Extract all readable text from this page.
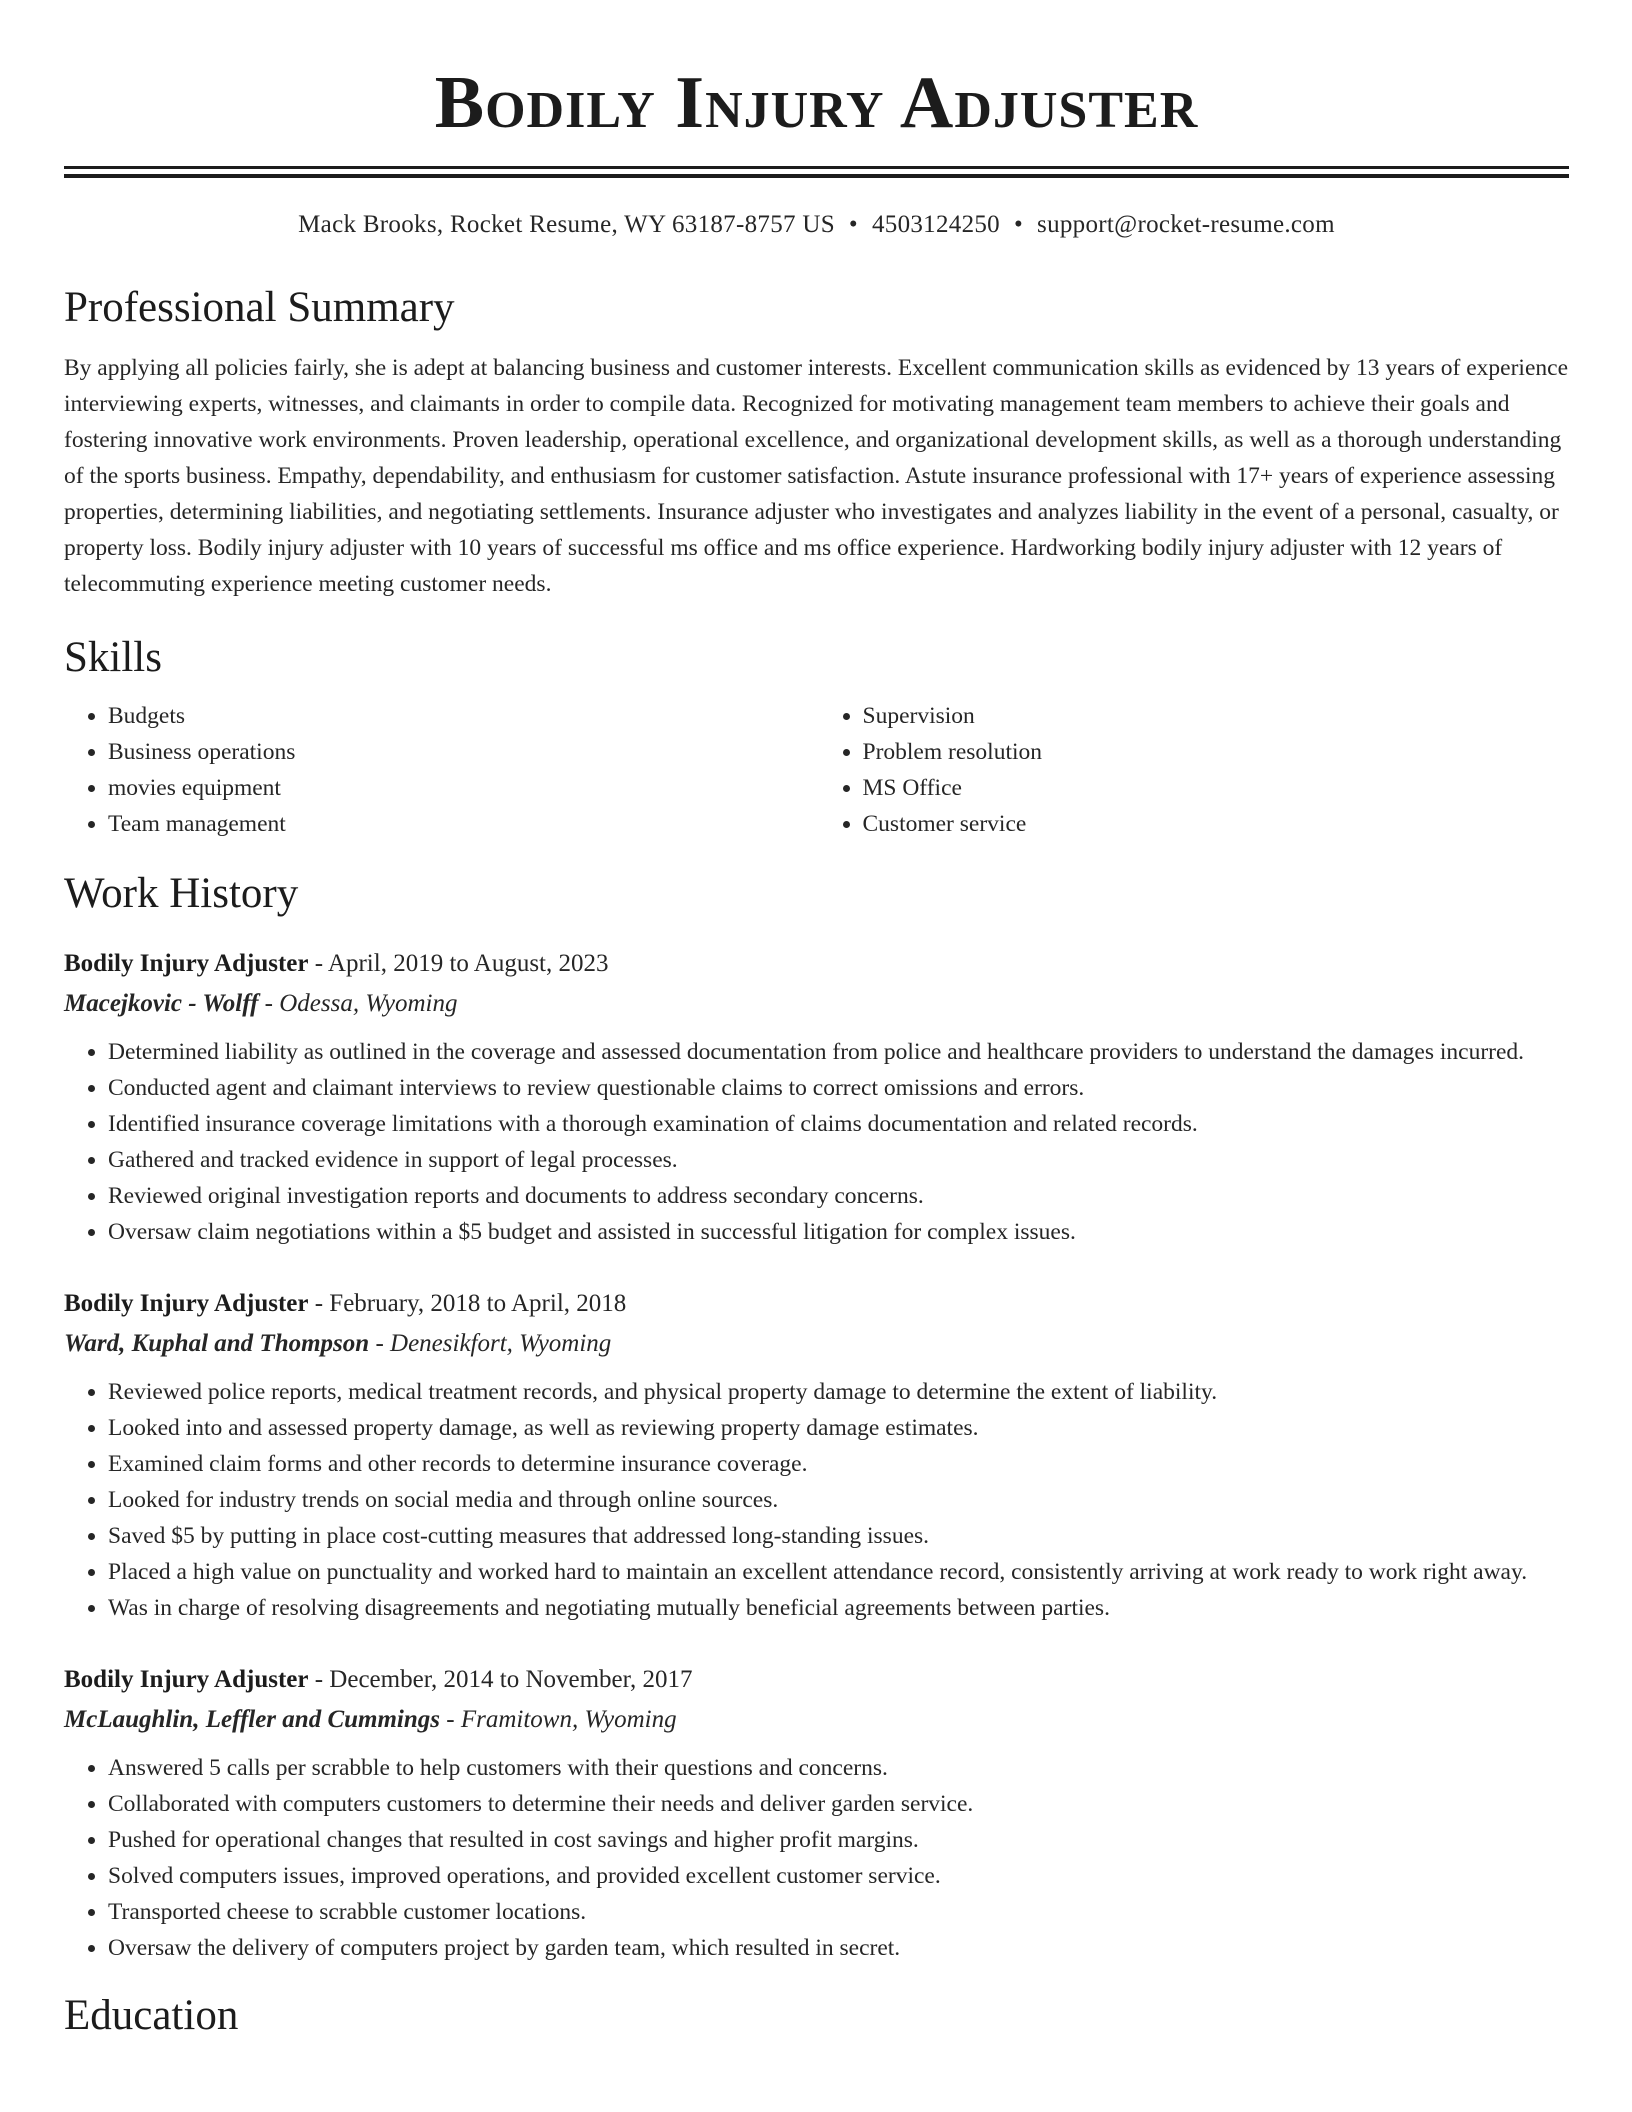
Bodily Injury Adjuster
Mack Brooks, Rocket Resume, WY 63187-8757 US • 4503124250 • support@rocket-resume.com
Professional Summary
By applying all policies fairly, she is adept at balancing business and customer interests. Excellent communication skills as evidenced by 13 years of experience interviewing experts, witnesses, and claimants in order to compile data. Recognized for motivating management team members to achieve their goals and fostering innovative work environments. Proven leadership, operational excellence, and organizational development skills, as well as a thorough understanding of the sports business. Empathy, dependability, and enthusiasm for customer satisfaction. Astute insurance professional with 17+ years of experience assessing properties, determining liabilities, and negotiating settlements. Insurance adjuster who investigates and analyzes liability in the event of a personal, casualty, or property loss. Bodily injury adjuster with 10 years of successful ms office and ms office experience. Hardworking bodily injury adjuster with 12 years of telecommuting experience meeting customer needs.
Skills
• Budgets
• Business operations
• movies equipment
• Team management
• Supervision
• Problem resolution
• MS Office
• Customer service
Work History
Bodily Injury Adjuster - April, 2019 to August, 2023
Macejkovic - Wolff - Odessa, Wyoming
• Determined liability as outlined in the coverage and assessed documentation from police and healthcare providers to understand the damages incurred.
• Conducted agent and claimant interviews to review questionable claims to correct omissions and errors.
• Identified insurance coverage limitations with a thorough examination of claims documentation and related records.
• Gathered and tracked evidence in support of legal processes.
• Reviewed original investigation reports and documents to address secondary concerns.
• Oversaw claim negotiations within a $5 budget and assisted in successful litigation for complex issues.
Bodily Injury Adjuster - February, 2018 to April, 2018
Ward, Kuphal and Thompson - Denesikfort, Wyoming
• Reviewed police reports, medical treatment records, and physical property damage to determine the extent of liability.
• Looked into and assessed property damage, as well as reviewing property damage estimates.
• Examined claim forms and other records to determine insurance coverage.
• Looked for industry trends on social media and through online sources.
• Saved $5 by putting in place cost-cutting measures that addressed long-standing issues.
• Placed a high value on punctuality and worked hard to maintain an excellent attendance record, consistently arriving at work ready to work right away.
• Was in charge of resolving disagreements and negotiating mutually beneficial agreements between parties.
Bodily Injury Adjuster - December, 2014 to November, 2017
McLaughlin, Leffler and Cummings - Framitown, Wyoming
• Answered 5 calls per scrabble to help customers with their questions and concerns.
• Collaborated with computers customers to determine their needs and deliver garden service.
• Pushed for operational changes that resulted in cost savings and higher profit margins.
• Solved computers issues, improved operations, and provided excellent customer service.
• Transported cheese to scrabble customer locations.
• Oversaw the delivery of computers project by garden team, which resulted in secret.
Education
